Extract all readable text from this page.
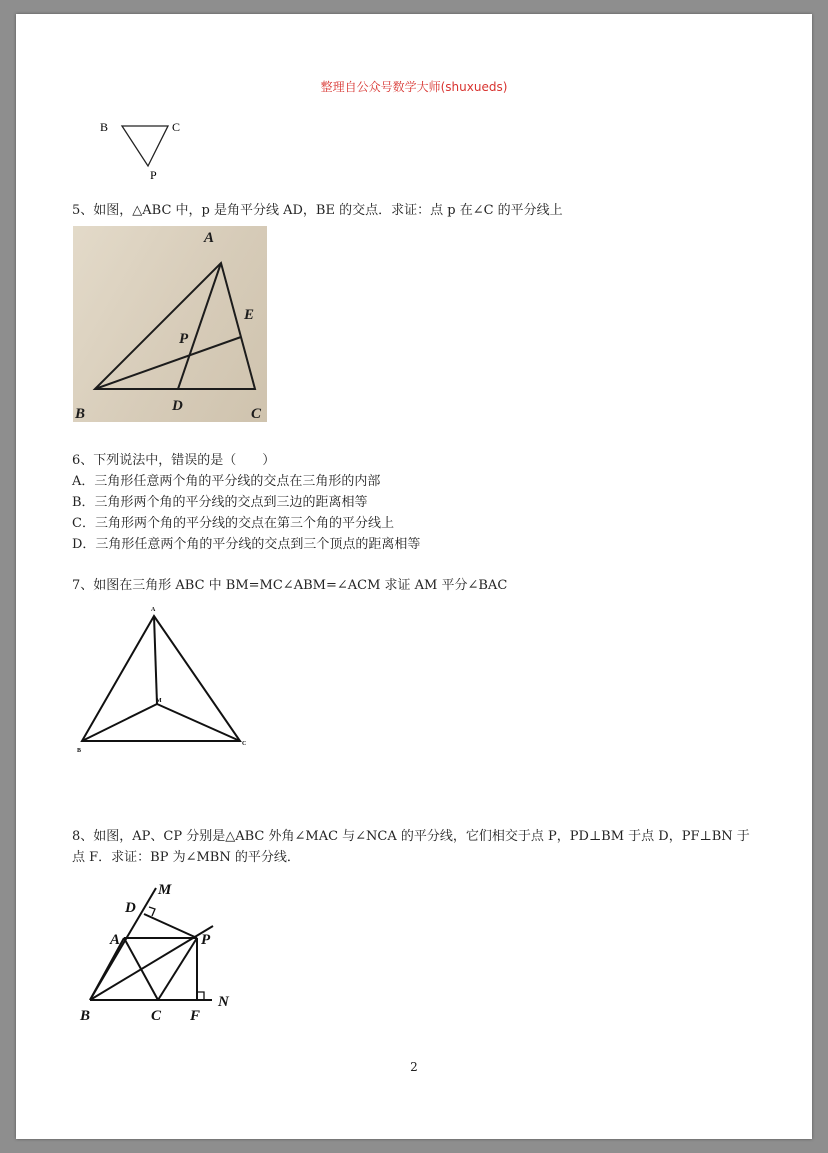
整理自公众号数学大师(shuxueds)
B	C
P
5、如图，△ABC 中，p 是角平分线 AD，BE 的交点．求证：点 p 在∠C 的平分线上
A
E
P
B	D	C
6、下列说法中，错误的是（　　）
A．三角形任意两个角的平分线的交点在三角形的内部
B．三角形两个角的平分线的交点到三边的距离相等
C．三角形两个角的平分线的交点在第三个角的平分线上
D．三角形任意两个角的平分线的交点到三个顶点的距离相等
7、如图在三角形 ABC 中 BM=MC∠ABM=∠ACM 求证 AM 平分∠BAC
A
M
B
C
8、如图，AP、CP 分别是△ABC 外角∠MAC 与∠NCA 的平分线，它们相交于点 P，PD⊥BM 于点 D，PF⊥BN 于
点 F．求证：BP 为∠MBN 的平分线．
M
D
A	P
B	C F
N
2
